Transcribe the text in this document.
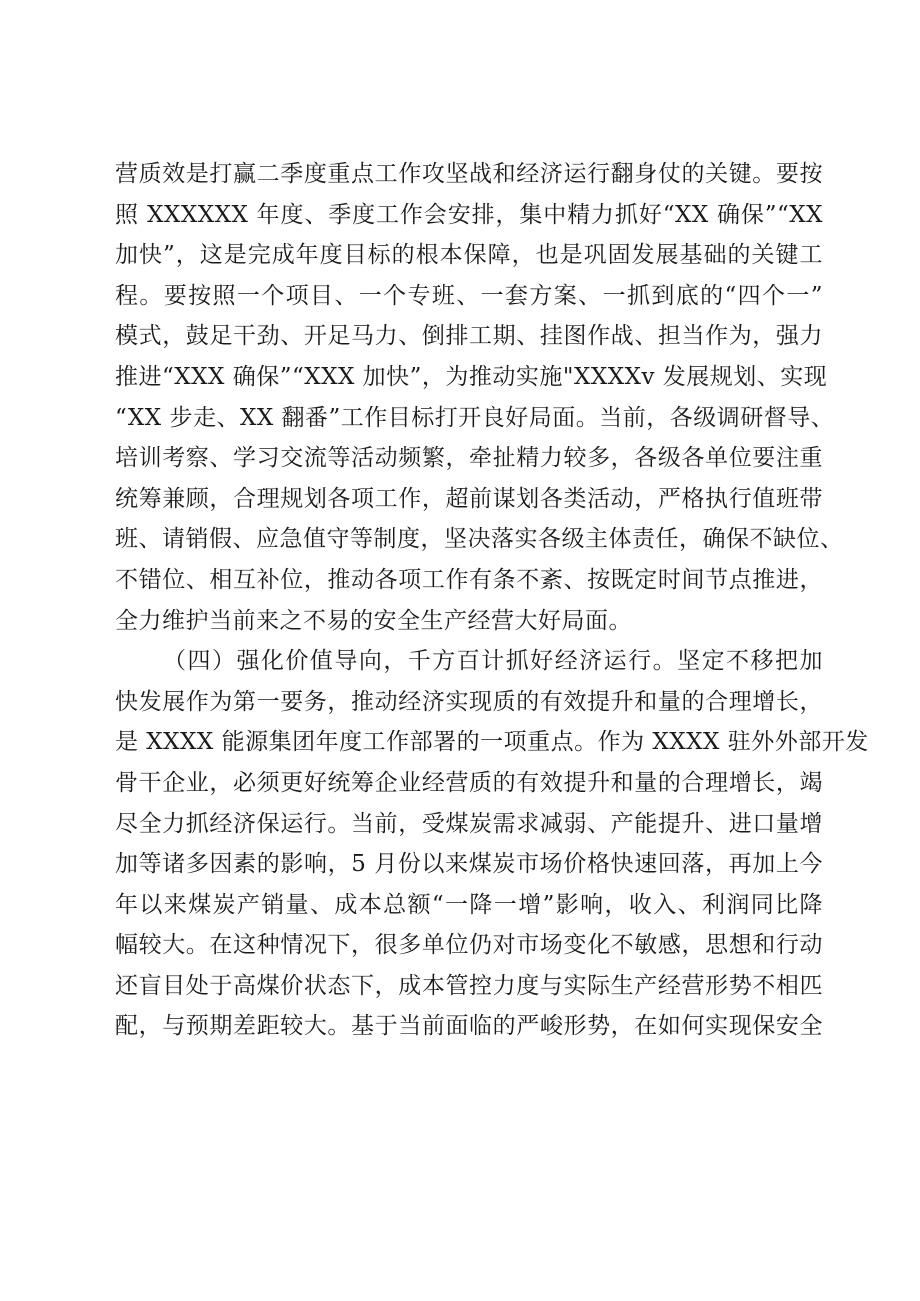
营质效是打赢二季度重点工作攻坚战和经济运行翻身仗的关键。要按
照 XXXXXX 年度、季度工作会安排，集中精力抓好“XX 确保”“XX
加快”，这是完成年度目标的根本保障，也是巩固发展基础的关键工
程。要按照一个项目、一个专班、一套方案、一抓到底的“四个一”
模式，鼓足干劲、开足马力、倒排工期、挂图作战、担当作为，强力
推进“XXX 确保”“XXX 加快”，为推动实施"XXXXv 发展规划、实现
“XX 步走、XX 翻番”工作目标打开良好局面。当前，各级调研督导、
培训考察、学习交流等活动频繁，牵扯精力较多，各级各单位要注重
统筹兼顾，合理规划各项工作，超前谋划各类活动，严格执行值班带
班、请销假、应急值守等制度，坚决落实各级主体责任，确保不缺位、
不错位、相互补位，推动各项工作有条不紊、按既定时间节点推进，
全力维护当前来之不易的安全生产经营大好局面。
（四）强化价值导向，千方百计抓好经济运行。坚定不移把加
快发展作为第一要务，推动经济实现质的有效提升和量的合理增长，
是 XXXX 能源集团年度工作部署的一项重点。作为 XXXX 驻外外部开发
骨干企业，必须更好统筹企业经营质的有效提升和量的合理增长，竭
尽全力抓经济保运行。当前，受煤炭需求减弱、产能提升、进口量增
加等诸多因素的影响，5 月份以来煤炭市场价格快速回落，再加上今
年以来煤炭产销量、成本总额“一降一增”影响，收入、利润同比降
幅较大。在这种情况下，很多单位仍对市场变化不敏感，思想和行动
还盲目处于高煤价状态下，成本管控力度与实际生产经营形势不相匹
配，与预期差距较大。基于当前面临的严峻形势，在如何实现保安全
